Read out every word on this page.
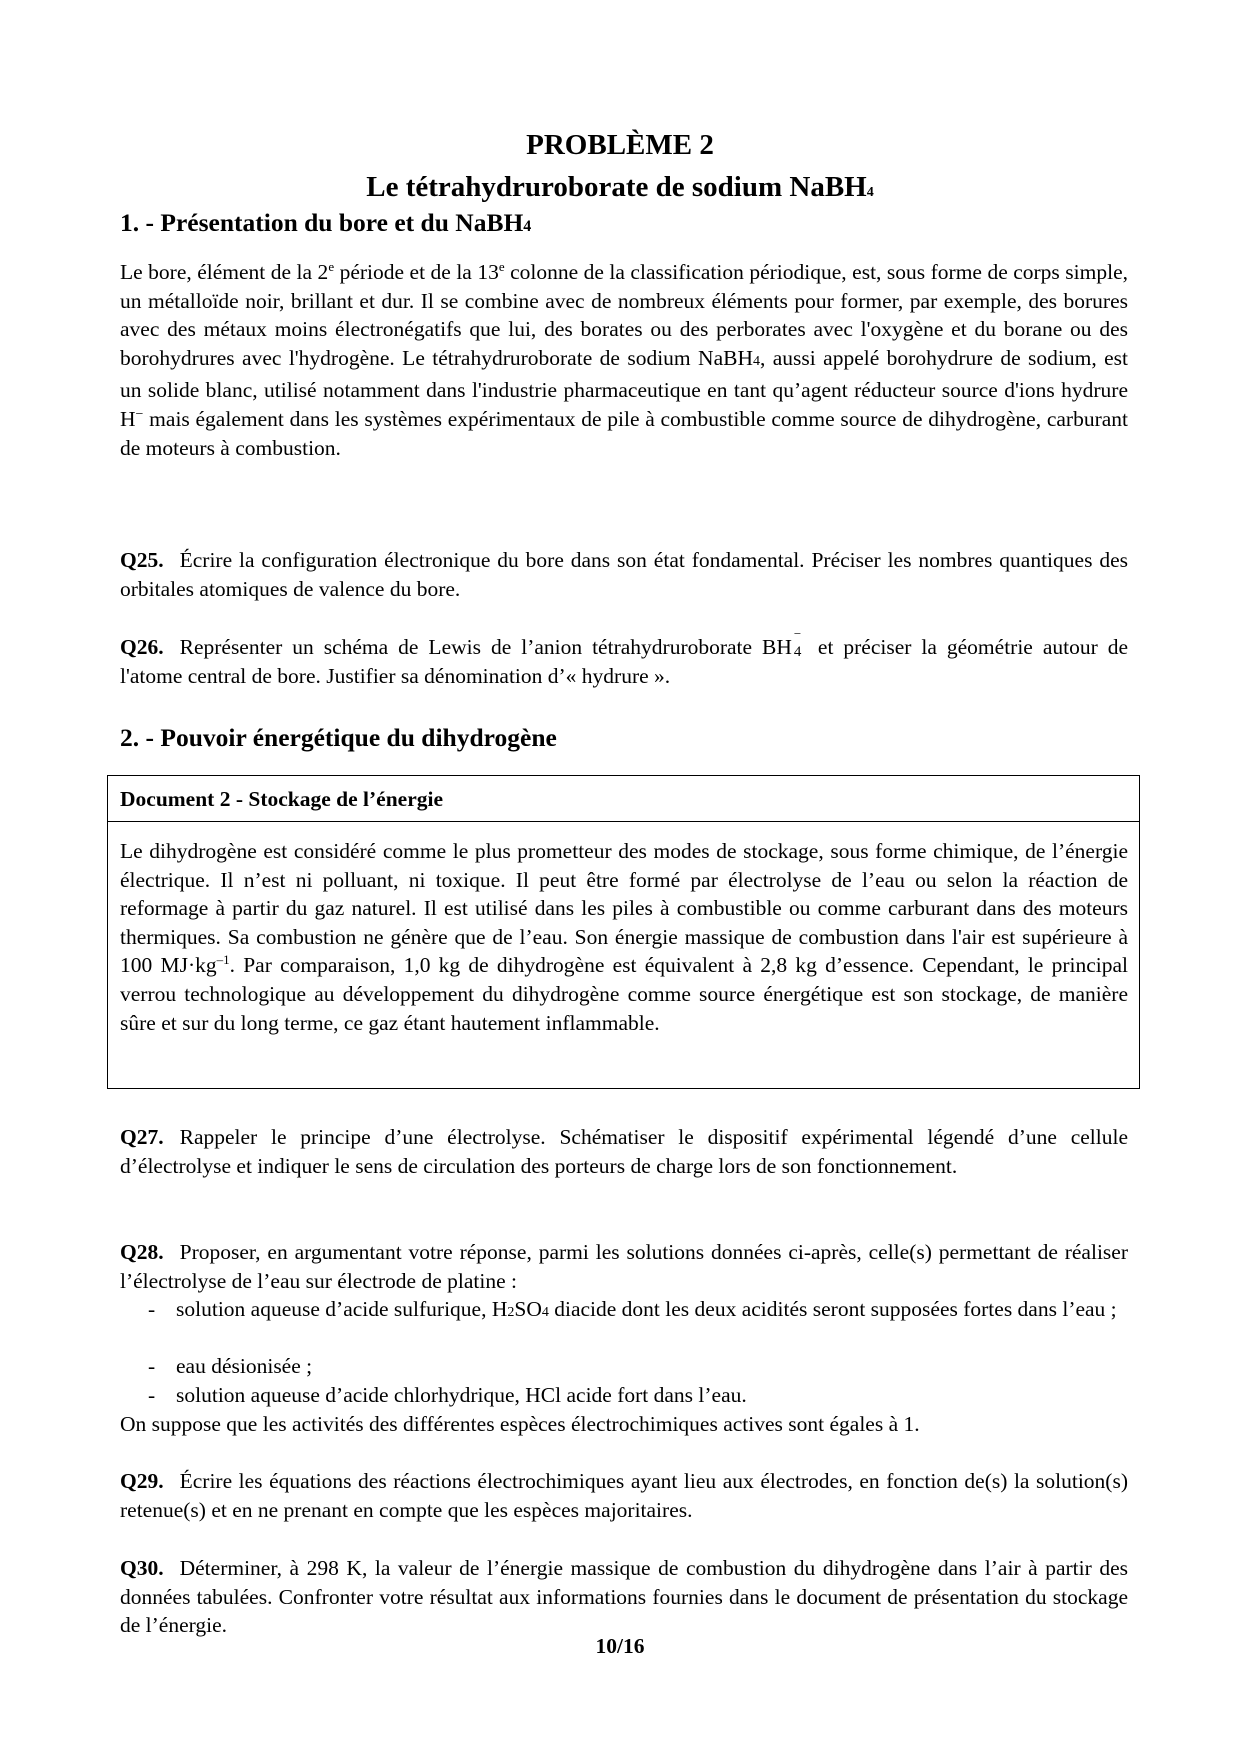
PROBLÈME 2
Le tétrahydruroborate de sodium NaBH4
1. - Présentation du bore et du NaBH4
Le bore, élément de la 2e période et de la 13e colonne de la classification périodique, est, sous forme de corps simple, un métalloïde noir, brillant et dur. Il se combine avec de nombreux éléments pour former, par exemple, des borures avec des métaux moins électronégatifs que lui, des borates ou des perborates avec l'oxygène et du borane ou des borohydrures avec l'hydrogène. Le tétrahydruroborate de sodium NaBH4, aussi appelé borohydrure de sodium, est un solide blanc, utilisé notamment dans l'industrie pharmaceutique en tant qu’agent réducteur source d'ions hydrure H− mais également dans les systèmes expérimentaux de pile à combustible comme source de dihydrogène, carburant de moteurs à combustion.
Q25. Écrire la configuration électronique du bore dans son état fondamental. Préciser les nombres quantiques des orbitales atomiques de valence du bore.
Q26. Représenter un schéma de Lewis de l’anion tétrahydruroborate BH
−
4 et préciser la géométrie autour de l'atome central de bore. Justifier sa dénomination d’« hydrure ».
2. - Pouvoir énergétique du dihydrogène
Document 2 - Stockage de l’énergie
Le dihydrogène est considéré comme le plus prometteur des modes de stockage, sous forme chimique, de l’énergie électrique. Il n’est ni polluant, ni toxique. Il peut être formé par électrolyse de l’eau ou selon la réaction de reformage à partir du gaz naturel. Il est utilisé dans les piles à combustible ou comme carburant dans des moteurs thermiques. Sa combustion ne génère que de l’eau. Son énergie massique de combustion dans l'air est supérieure à 100 $MJ\cdot kg^{-1}$. Par comparaison, 1,0 kg de dihydrogène est équivalent à 2,8 kg d’essence. Cependant, le principal verrou technologique au développement du dihydrogène comme source énergétique est son stockage, de manière sûre et sur du long terme, ce gaz étant hautement inflammable.
Q27. Rappeler le principe d’une électrolyse. Schématiser le dispositif expérimental légendé d’une cellule d’électrolyse et indiquer le sens de circulation des porteurs de charge lors de son fonctionnement.
Q28. Proposer, en argumentant votre réponse, parmi les solutions données ci-après, celle(s) permettant de réaliser l’électrolyse de l’eau sur électrode de platine :
- solution aqueuse d’acide sulfurique, H2SO4 diacide dont les deux acidités seront supposées fortes dans l’eau ;
- eau désionisée ;
- solution aqueuse d’acide chlorhydrique, HCl acide fort dans l’eau.
On suppose que les activités des différentes espèces électrochimiques actives sont égales à 1.
Q29. Écrire les équations des réactions électrochimiques ayant lieu aux électrodes, en fonction de(s) la solution(s) retenue(s) et en ne prenant en compte que les espèces majoritaires.
Q30. Déterminer, à 298 K, la valeur de l’énergie massique de combustion du dihydrogène dans l’air à partir des données tabulées. Confronter votre résultat aux informations fournies dans le document de présentation du stockage de l’énergie.
10/16
